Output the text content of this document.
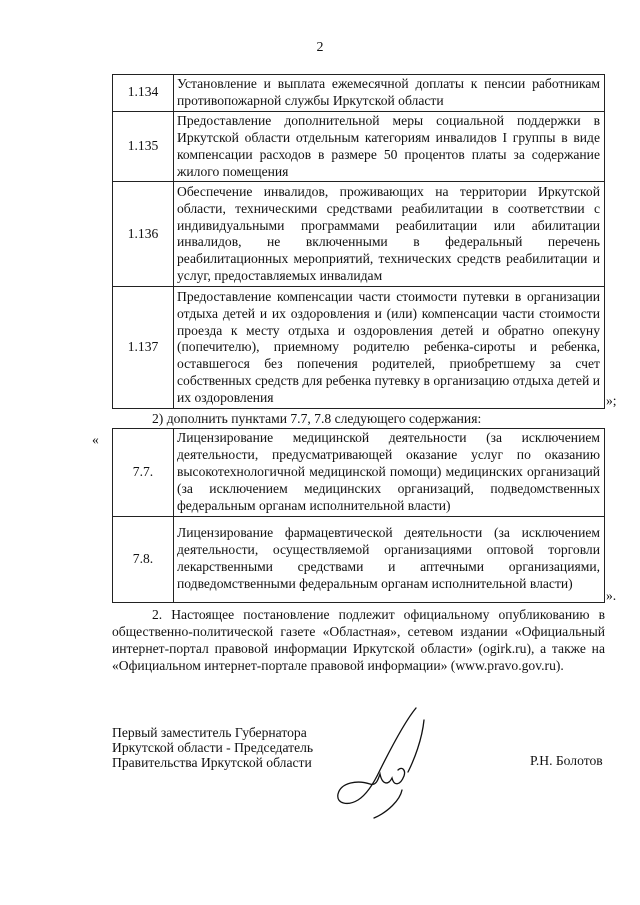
2
1.134	Установление и выплата ежемесячной доплаты к пенсии работникам противопожарной службы Иркутской области
1.135	Предоставление дополнительной меры социальной поддержки в Иркутской области отдельным категориям инвалидов I группы в виде компенсации расходов в размере 50 процентов платы за содержание жилого помещения
1.136	Обеспечение инвалидов, проживающих на территории Иркутской области, техническими средствами реабилитации в соответствии с индивидуальными программами реабилитации или абилитации инвалидов, не включенными в федеральный перечень реабилитационных мероприятий, технических средств реабилитации и услуг, предоставляемых инвалидам
1.137	Предоставление компенсации части стоимости путевки в организации отдыха детей и их оздоровления и (или) компенсации части стоимости проезда к месту отдыха и оздоровления детей и обратно опекуну (попечителю), приемному родителю ребенка-сироты и ребенка, оставшегося без попечения родителей, приобретшему за счет собственных средств для ребенка путевку в организацию отдыха детей и их оздоровления	»;
2) дополнить пунктами 7.7, 7.8 следующего содержания:
«
7.7.	Лицензирование медицинской деятельности (за исключением деятельности, предусматривающей оказание услуг по оказанию высокотехнологичной медицинской помощи) медицинских организаций (за исключением медицинских организаций, подведомственных федеральным органам исполнительной власти)
7.8.	Лицензирование фармацевтической деятельности (за исключением деятельности, осуществляемой организациями оптовой торговли лекарственными средствами и аптечными организациями, подведомственными федеральным органам исполнительной власти)
».
2. Настоящее постановление подлежит официальному опубликованию в общественно-политической газете «Областная», сетевом издании «Официальный интернет-портал правовой информации Иркутской области» (ogirk.ru), а также на «Официальном интернет-портале правовой информации» (www.pravo.gov.ru).
Первый заместитель Губернатора
Иркутской области - Председатель
Правительства Иркутской области	Р.Н. Болотов
